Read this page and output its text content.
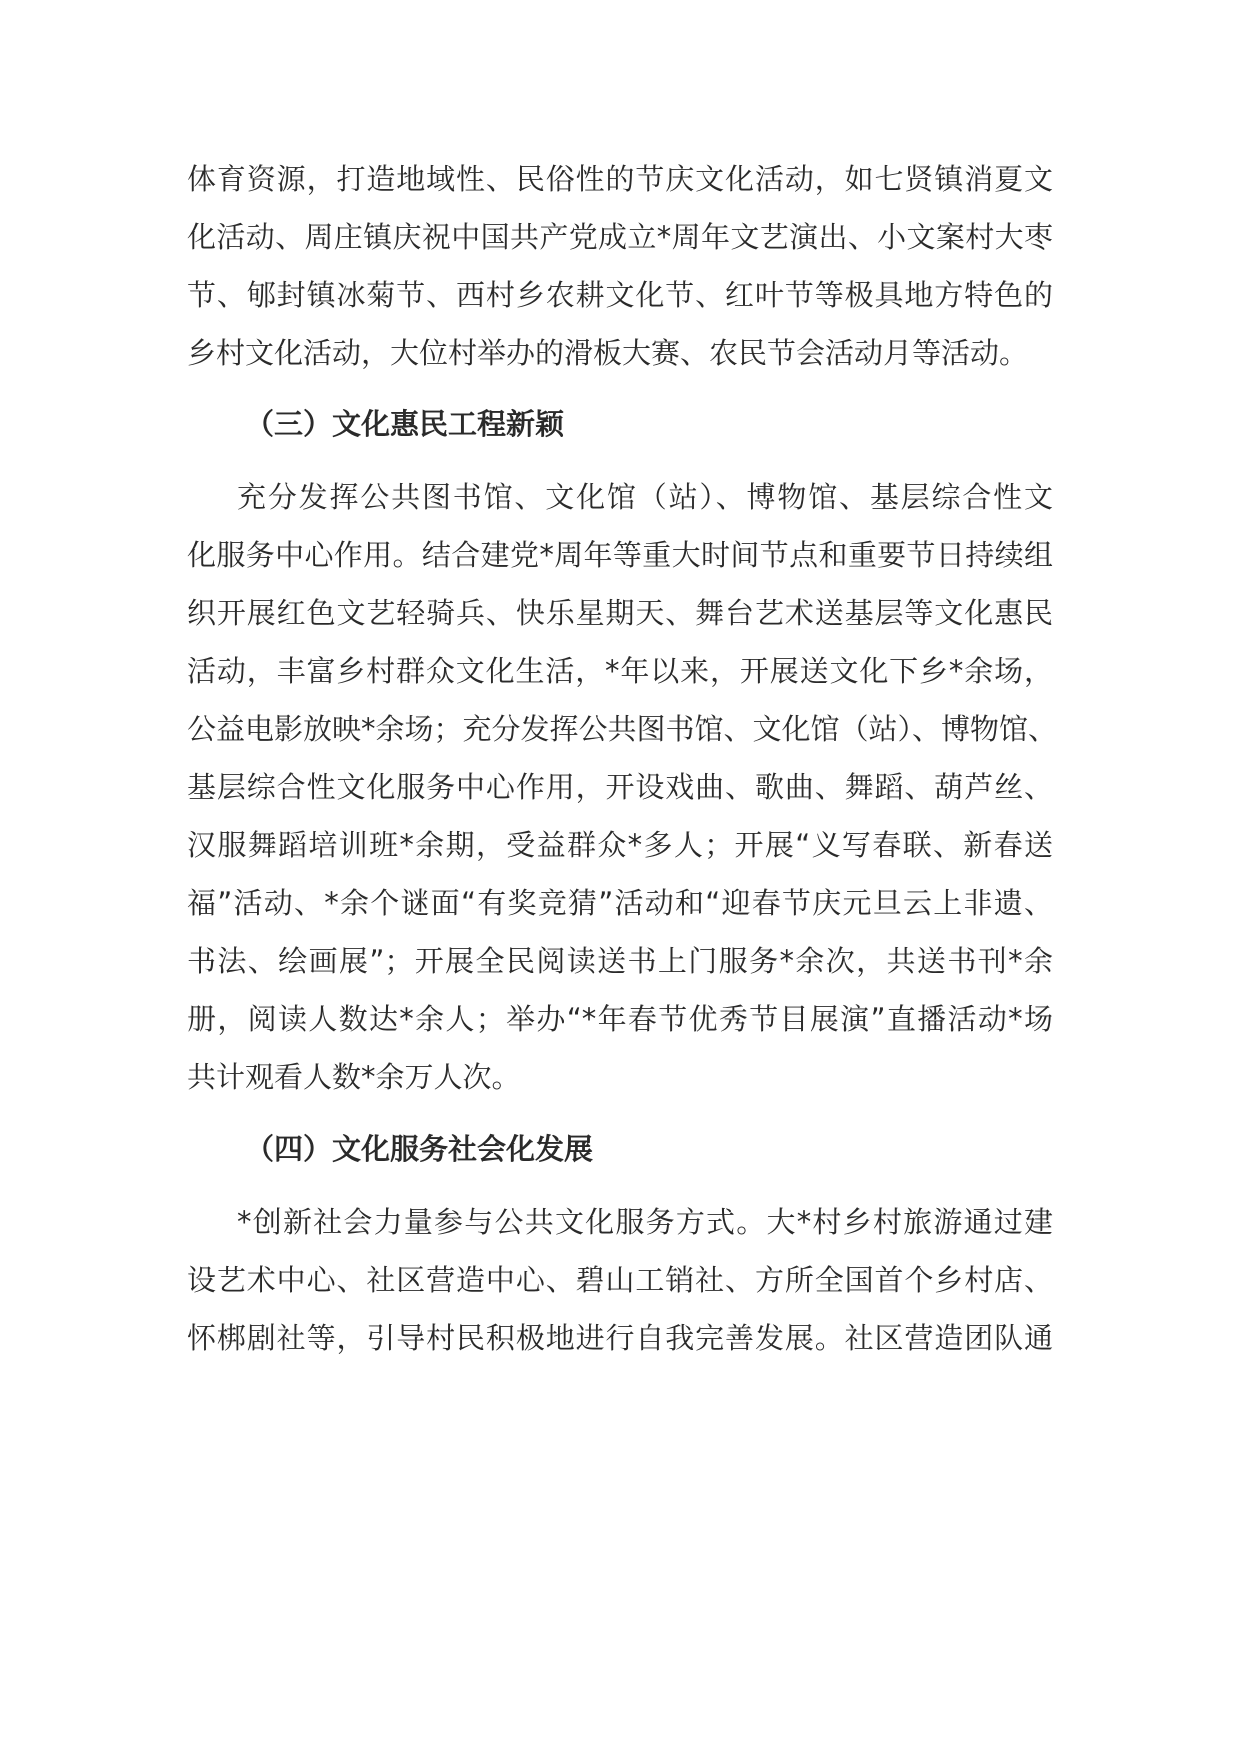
体育资源，打造地域性、民俗性的节庆文化活动，如七贤镇消夏文
化活动、周庄镇庆祝中国共产党成立*周年文艺演出、小文案村大枣
节、郇封镇冰菊节、西村乡农耕文化节、红叶节等极具地方特色的
乡村文化活动，大位村举办的滑板大赛、农民节会活动月等活动。
（三）文化惠民工程新颖
充分发挥公共图书馆、文化馆（站）、博物馆、基层综合性文
化服务中心作用。结合建党*周年等重大时间节点和重要节日持续组
织开展红色文艺轻骑兵、快乐星期天、舞台艺术送基层等文化惠民
活动，丰富乡村群众文化生活，*年以来，开展送文化下乡*余场，
公益电影放映*余场；充分发挥公共图书馆、文化馆（站）、博物馆、
基层综合性文化服务中心作用，开设戏曲、歌曲、舞蹈、葫芦丝、
汉服舞蹈培训班*余期，受益群众*多人；开展“义写春联、新春送
福”活动、*余个谜面“有奖竞猜”活动和“迎春节庆元旦云上非遗、
书法、绘画展”；开展全民阅读送书上门服务*余次，共送书刊*余
册，阅读人数达*余人；举办“*年春节优秀节目展演”直播活动*场
共计观看人数*余万人次。
（四）文化服务社会化发展
*创新社会力量参与公共文化服务方式。大*村乡村旅游通过建
设艺术中心、社区营造中心、碧山工销社、方所全国首个乡村店、
怀梆剧社等，引导村民积极地进行自我完善发展。社区营造团队通
